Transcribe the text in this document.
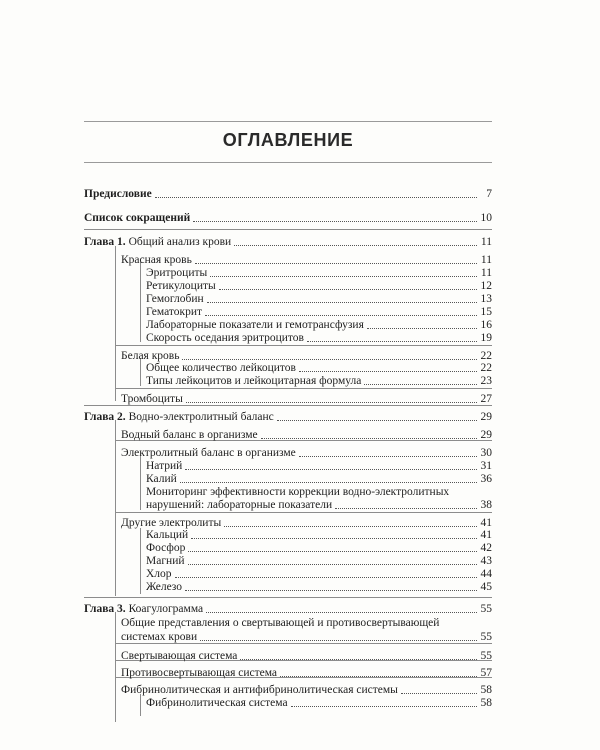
ОГЛАВЛЕНИЕ
Предисловие	7
Список сокращений	10
Глава 1. Общий анализ крови	11
Красная кровь	11
Эритроциты	11
Ретикулоциты	12
Гемоглобин	13
Гематокрит	15
Лабораторные показатели и гемотрансфузия	16
Скорость оседания эритроцитов	19
Белая кровь	22
Общее количество лейкоцитов	22
Типы лейкоцитов и лейкоцитарная формула	23
Тромбоциты	27
Глава 2. Водно-электролитный баланс	29
Водный баланс в организме	29
Электролитный баланс в организме	30
Натрий	31
Калий	36
Мониторинг эффективности коррекции водно-электролитных
нарушений: лабораторные показатели	38
Другие электролиты	41
Кальций	41
Фосфор	42
Магний	43
Хлор	44
Железо	45
Глава 3. Коагулограмма	55
Общие представления о свертывающей и противосвертывающей
системах крови	55
Свертывающая система	55
Противосвертывающая система	57
Фибринолитическая и антифибринолитическая системы	58
Фибринолитическая система	58
